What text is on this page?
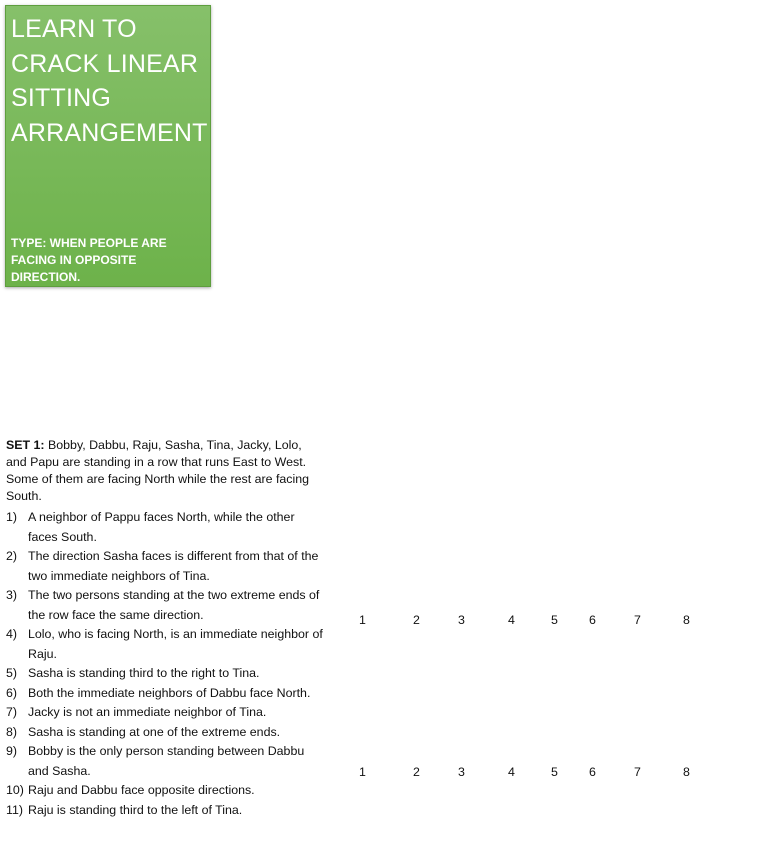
LEARN TO CRACK LINEAR SITTING ARRANGEMENT
TYPE: WHEN PEOPLE ARE FACING IN OPPOSITE DIRECTION.
SET 1: Bobby, Dabbu, Raju, Sasha, Tina, Jacky, Lolo, and Papu are standing in a row that runs East to West. Some of them are facing North while the rest are facing South.
1) A neighbor of Pappu faces North, while the other faces South.
2) The direction Sasha faces is different from that of the two immediate neighbors of Tina.
3) The two persons standing at the two extreme ends of the row face the same direction.
4) Lolo, who is facing North, is an immediate neighbor of Raju.
5) Sasha is standing third to the right to Tina.
6) Both the immediate neighbors of Dabbu face North.
7) Jacky is not an immediate neighbor of Tina.
8) Sasha is standing at one of the extreme ends.
9) Bobby is the only person standing between Dabbu and Sasha.
10) Raju and Dabbu face opposite directions.
11) Raju is standing third to the left of Tina.
1	2	3	4	5	6	7	8
1	2	3	4	5	6	7	8
